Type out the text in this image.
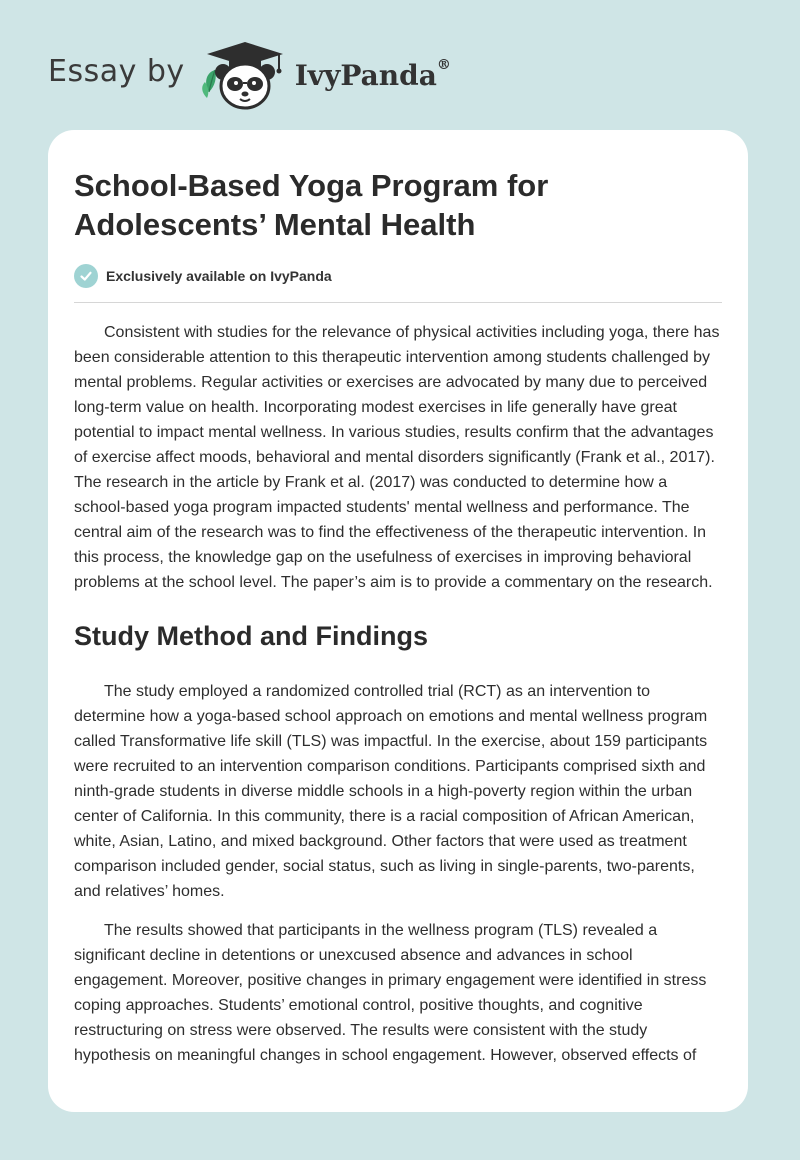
Essay by	IvyPanda®
School-Based Yoga Program for Adolescents’ Mental Health
Exclusively available on IvyPanda

Consistent with studies for the relevance of physical activities including yoga, there has been considerable attention to this therapeutic intervention among students challenged by mental problems. Regular activities or exercises are advocated by many due to perceived long-term value on health. Incorporating modest exercises in life generally have great potential to impact mental wellness. In various studies, results confirm that the advantages of exercise affect moods, behavioral and mental disorders significantly (Frank et al., 2017). The research in the article by Frank et al. (2017) was conducted to determine how a school-based yoga program impacted students' mental wellness and performance. The central aim of the research was to find the effectiveness of the therapeutic intervention. In this process, the knowledge gap on the usefulness of exercises in improving behavioral problems at the school level. The paper’s aim is to provide a commentary on the research.

Study Method and Findings

The study employed a randomized controlled trial (RCT) as an intervention to determine how a yoga-based school approach on emotions and mental wellness program called Transformative life skill (TLS) was impactful. In the exercise, about 159 participants were recruited to an intervention comparison conditions. Participants comprised sixth and ninth-grade students in diverse middle schools in a high-poverty region within the urban center of California. In this community, there is a racial composition of African American, white, Asian, Latino, and mixed background. Other factors that were used as treatment comparison included gender, social status, such as living in single-parents, two-parents, and relatives’ homes.

The results showed that participants in the wellness program (TLS) revealed a significant decline in detentions or unexcused absence and advances in school engagement. Moreover, positive changes in primary engagement were identified in stress coping approaches. Students’ emotional control, positive thoughts, and cognitive restructuring on stress were observed. The results were consistent with the study hypothesis on meaningful changes in school engagement. However, observed effects of
